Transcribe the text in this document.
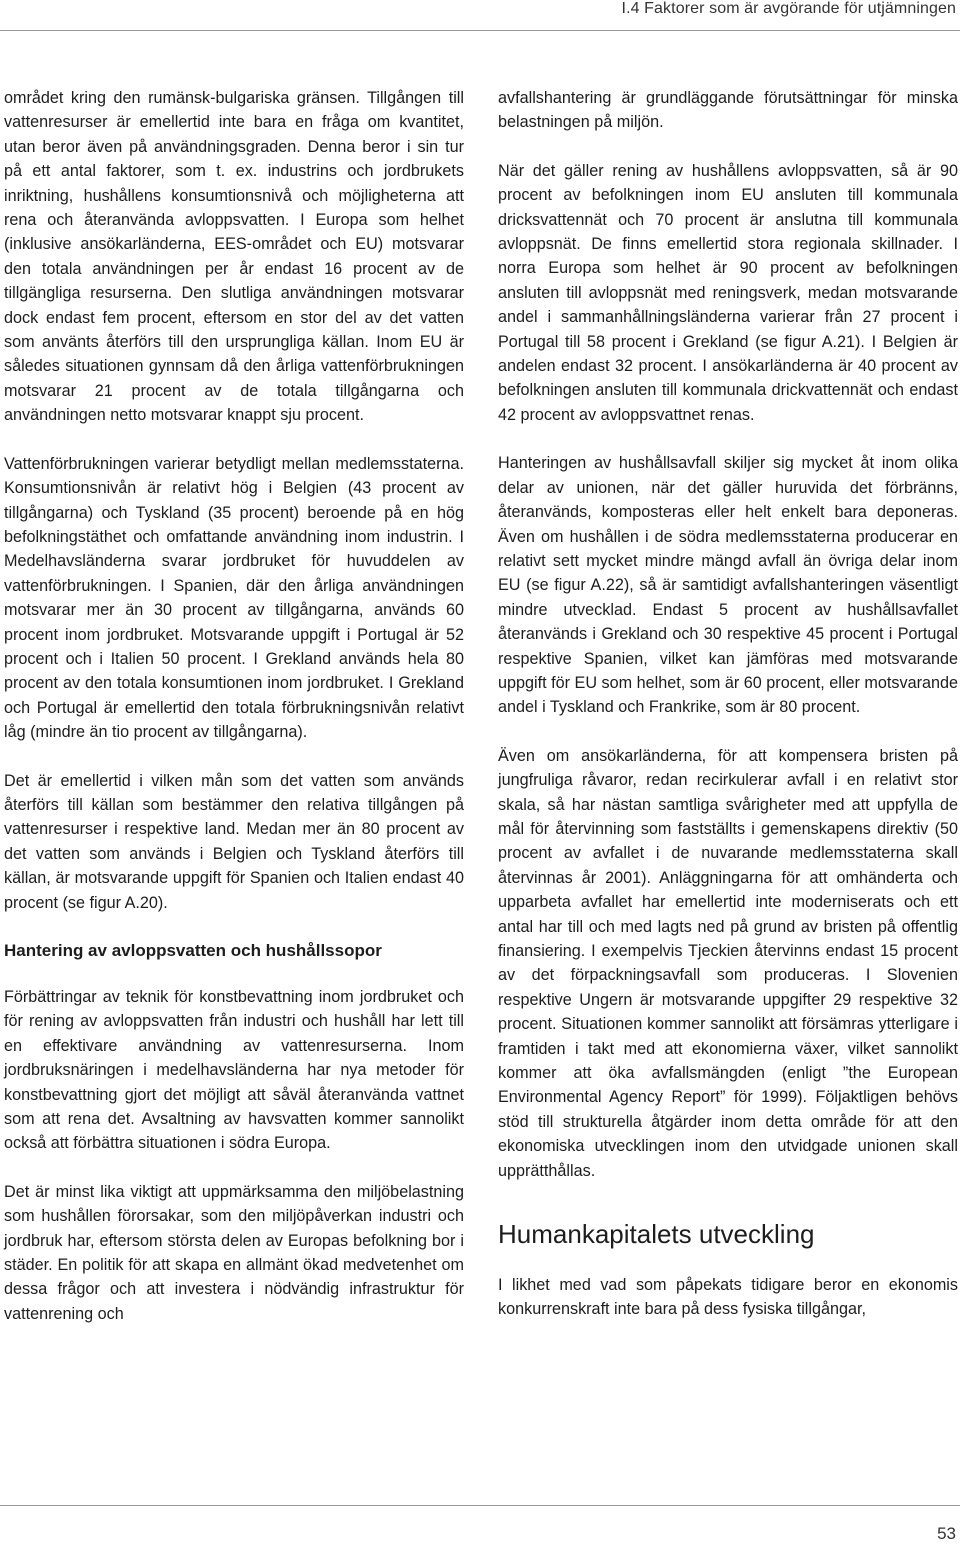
I.4 Faktorer som är avgörande för utjämningen

området kring den rumänsk-bulgariska gränsen. Tillgången till vattenresurser är emellertid inte bara en fråga om kvantitet, utan beror även på användningsgraden. Denna beror i sin tur på ett antal faktorer, som t. ex. industrins och jordbrukets inriktning, hushållens konsumtionsnivå och möjligheterna att rena och återanvända avloppsvatten. I Europa som helhet (inklusive ansökarländerna, EES-området och EU) motsvarar den totala användningen per år endast 16 procent av de tillgängliga resurserna. Den slutliga användningen motsvarar dock endast fem procent, eftersom en stor del av det vatten som använts återförs till den ursprungliga källan. Inom EU är således situationen gynnsam då den årliga vattenförbrukningen motsvarar 21 procent av de totala tillgångarna och användningen netto motsvarar knappt sju procent.

Vattenförbrukningen varierar betydligt mellan medlemsstaterna. Konsumtionsnivån är relativt hög i Belgien (43 procent av tillgångarna) och Tyskland (35 procent) beroende på en hög befolkningstäthet och omfattande användning inom industrin. I Medelhavsländerna svarar jordbruket för huvuddelen av vattenförbrukningen. I Spanien, där den årliga användningen motsvarar mer än 30 procent av tillgångarna, används 60 procent inom jordbruket. Motsvarande uppgift i Portugal är 52 procent och i Italien 50 procent. I Grekland används hela 80 procent av den totala konsumtionen inom jordbruket. I Grekland och Portugal är emellertid den totala förbrukningsnivån relativt låg (mindre än tio procent av tillgångarna).

Det är emellertid i vilken mån som det vatten som används återförs till källan som bestämmer den relativa tillgången på vattenresurser i respektive land. Medan mer än 80 procent av det vatten som används i Belgien och Tyskland återförs till källan, är motsvarande uppgift för Spanien och Italien endast 40 procent (se figur A.20).

Hantering av avloppsvatten och hushållssopor

Förbättringar av teknik för konstbevattning inom jordbruket och för rening av avloppsvatten från industri och hushåll har lett till en effektivare användning av vattenresurserna. Inom jordbruksnäringen i medelhavsländerna har nya metoder för konstbevattning gjort det möjligt att såväl återanvända vattnet som att rena det. Avsaltning av havsvatten kommer sannolikt också att förbättra situationen i södra Europa.

Det är minst lika viktigt att uppmärksamma den miljöbelastning som hushållen förorsakar, som den miljöpåverkan industri och jordbruk har, eftersom största delen av Europas befolkning bor i städer. En politik för att skapa en allmänt ökad medvetenhet om dessa frågor och att investera i nödvändig infrastruktur för vattenrening och

avfallshantering är grundläggande förutsättningar för minska belastningen på miljön.

När det gäller rening av hushållens avloppsvatten, så är 90 procent av befolkningen inom EU ansluten till kommunala dricksvattennät och 70 procent är anslutna till kommunala avloppsnät. De finns emellertid stora regionala skillnader. I norra Europa som helhet är 90 procent av befolkningen ansluten till avloppsnät med reningsverk, medan motsvarande andel i sammanhållningsländerna varierar från 27 procent i Portugal till 58 procent i Grekland (se figur A.21). I Belgien är andelen endast 32 procent. I ansökarländerna är 40 procent av befolkningen ansluten till kommunala drickvattennät och endast 42 procent av avloppsvattnet renas.

Hanteringen av hushållsavfall skiljer sig mycket åt inom olika delar av unionen, när det gäller huruvida det förbränns, återanvänds, komposteras eller helt enkelt bara deponeras. Även om hushållen i de södra medlemsstaterna producerar en relativt sett mycket mindre mängd avfall än övriga delar inom EU (se figur A.22), så är samtidigt avfallshanteringen väsentligt mindre utvecklad. Endast 5 procent av hushållsavfallet återanvänds i Grekland och 30 respektive 45 procent i Portugal respektive Spanien, vilket kan jämföras med motsvarande uppgift för EU som helhet, som är 60 procent, eller motsvarande andel i Tyskland och Frankrike, som är 80 procent.

Även om ansökarländerna, för att kompensera bristen på jungfruliga råvaror, redan recirkulerar avfall i en relativt stor skala, så har nästan samtliga svårigheter med att uppfylla de mål för återvinning som fastställts i gemenskapens direktiv (50 procent av avfallet i de nuvarande medlemsstaterna skall återvinnas år 2001). Anläggningarna för att omhänderta och upparbeta avfallet har emellertid inte moderniserats och ett antal har till och med lagts ned på grund av bristen på offentlig finansiering. I exempelvis Tjeckien återvinns endast 15 procent av det förpackningsavfall som produceras. I Slovenien respektive Ungern är motsvarande uppgifter 29 respektive 32 procent. Situationen kommer sannolikt att försämras ytterligare i framtiden i takt med att ekonomierna växer, vilket sannolikt kommer att öka avfallsmängden (enligt ”the European Environmental Agency Report” för 1999). Följaktligen behövs stöd till strukturella åtgärder inom detta område för att den ekonomiska utvecklingen inom den utvidgade unionen skall upprätthållas.

Humankapitalets utveckling

I likhet med vad som påpekats tidigare beror en ekonomis konkurrenskraft inte bara på dess fysiska tillgångar,

53
